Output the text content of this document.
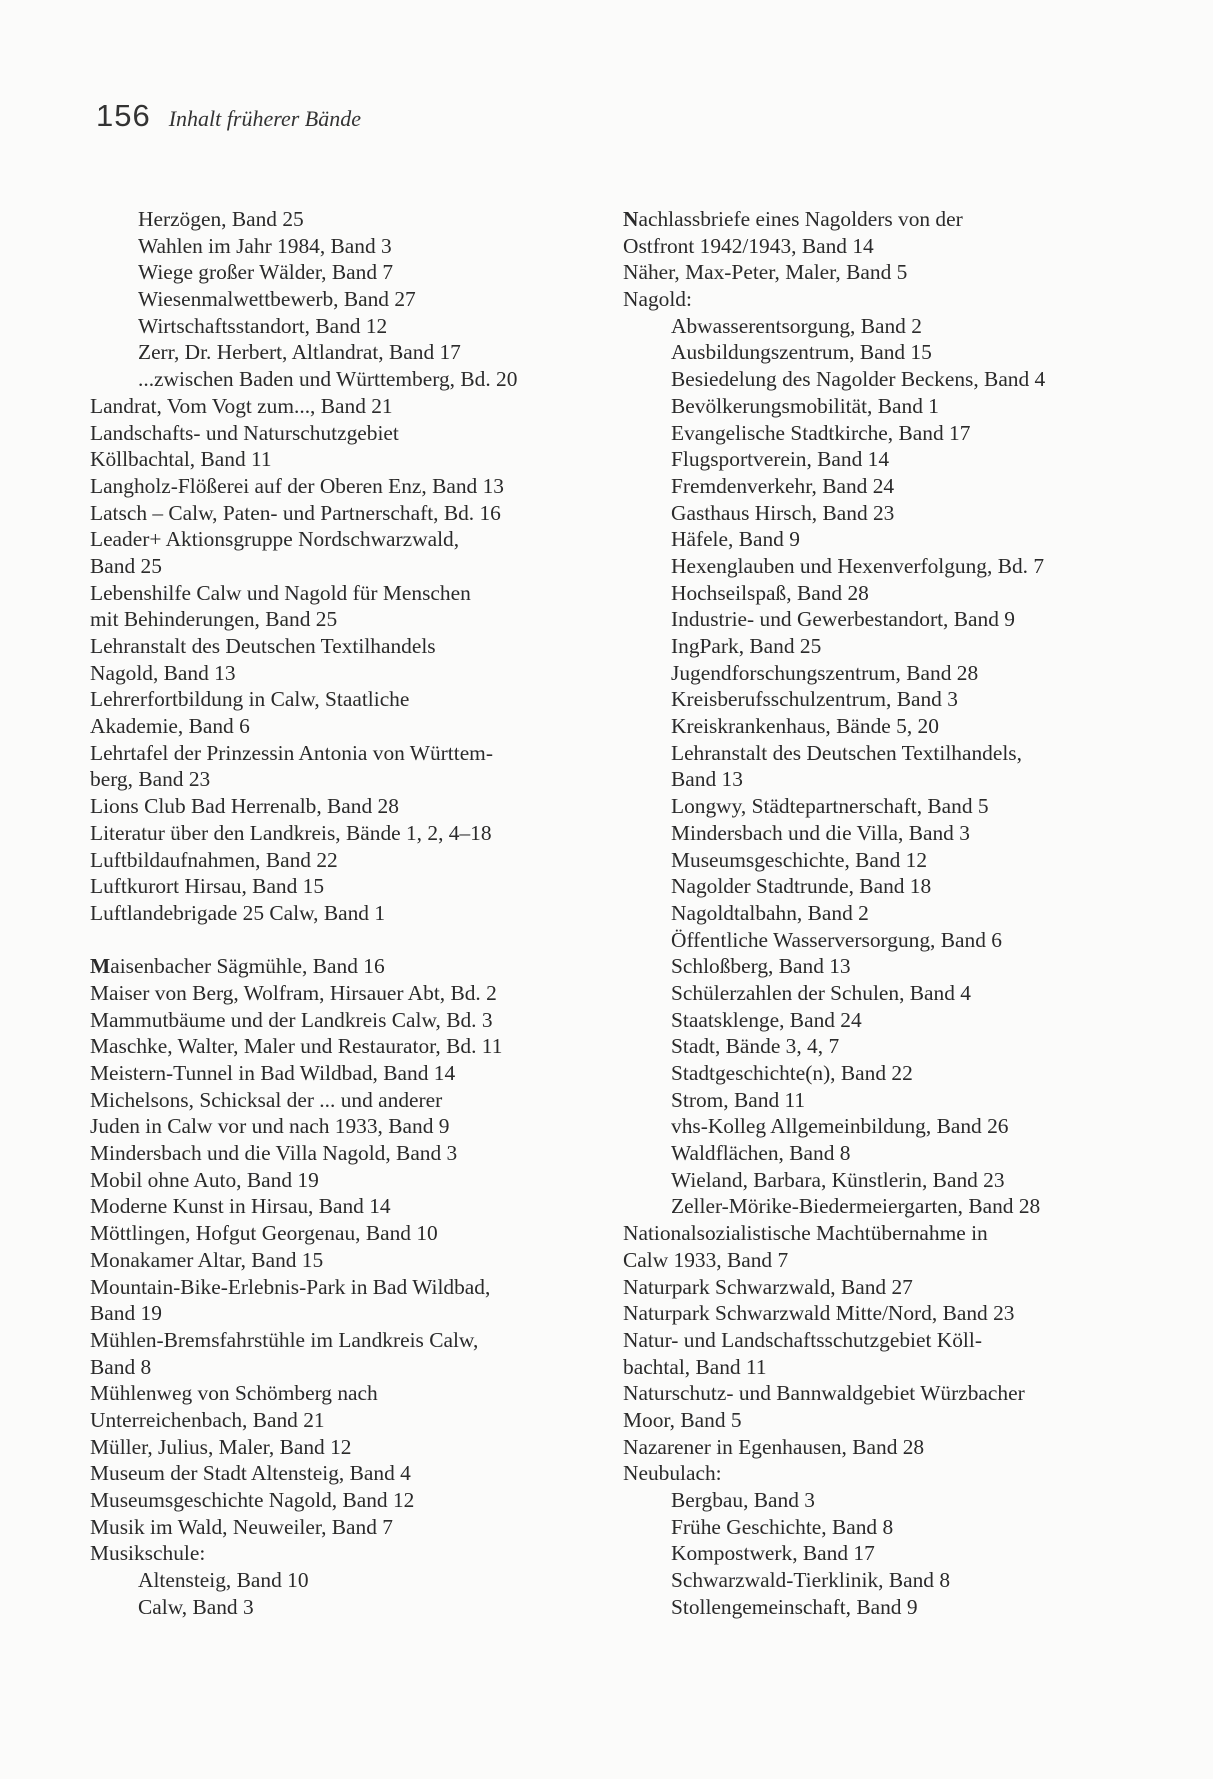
156 Inhalt früherer Bände
Herzögen, Band 25
Wahlen im Jahr 1984, Band 3
Wiege großer Wälder, Band 7
Wiesenmalwettbewerb, Band 27
Wirtschaftsstandort, Band 12
Zerr, Dr. Herbert, Altlandrat, Band 17
...zwischen Baden und Württemberg, Bd. 20
Landrat, Vom Vogt zum..., Band 21
Landschafts- und Naturschutzgebiet
Köllbachtal, Band 11
Langholz-Flößerei auf der Oberen Enz, Band 13
Latsch – Calw, Paten- und Partnerschaft, Bd. 16
Leader+ Aktionsgruppe Nordschwarzwald,
Band 25
Lebenshilfe Calw und Nagold für Menschen
mit Behinderungen, Band 25
Lehranstalt des Deutschen Textilhandels
Nagold, Band 13
Lehrerfortbildung in Calw, Staatliche
Akademie, Band 6
Lehrtafel der Prinzessin Antonia von Württem-
berg, Band 23
Lions Club Bad Herrenalb, Band 28
Literatur über den Landkreis, Bände 1, 2, 4–18
Luftbildaufnahmen, Band 22
Luftkurort Hirsau, Band 15
Luftlandebrigade 25 Calw, Band 1
Maisenbacher Sägmühle, Band 16
Maiser von Berg, Wolfram, Hirsauer Abt, Bd. 2
Mammutbäume und der Landkreis Calw, Bd. 3
Maschke, Walter, Maler und Restaurator, Bd. 11
Meistern-Tunnel in Bad Wildbad, Band 14
Michelsons, Schicksal der ... und anderer
Juden in Calw vor und nach 1933, Band 9
Mindersbach und die Villa Nagold, Band 3
Mobil ohne Auto, Band 19
Moderne Kunst in Hirsau, Band 14
Möttlingen, Hofgut Georgenau, Band 10
Monakamer Altar, Band 15
Mountain-Bike-Erlebnis-Park in Bad Wildbad,
Band 19
Mühlen-Bremsfahrstühle im Landkreis Calw,
Band 8
Mühlenweg von Schömberg nach
Unterreichenbach, Band 21
Müller, Julius, Maler, Band 12
Museum der Stadt Altensteig, Band 4
Museumsgeschichte Nagold, Band 12
Musik im Wald, Neuweiler, Band 7
Musikschule:
Altensteig, Band 10
Calw, Band 3
Nachlassbriefe eines Nagolders von der
Ostfront 1942/1943, Band 14
Näher, Max-Peter, Maler, Band 5
Nagold:
Abwasserentsorgung, Band 2
Ausbildungszentrum, Band 15
Besiedelung des Nagolder Beckens, Band 4
Bevölkerungsmobilität, Band 1
Evangelische Stadtkirche, Band 17
Flugsportverein, Band 14
Fremdenverkehr, Band 24
Gasthaus Hirsch, Band 23
Häfele, Band 9
Hexenglauben und Hexenverfolgung, Bd. 7
Hochseilspaß, Band 28
Industrie- und Gewerbestandort, Band 9
IngPark, Band 25
Jugendforschungszentrum, Band 28
Kreisberufsschulzentrum, Band 3
Kreiskrankenhaus, Bände 5, 20
Lehranstalt des Deutschen Textilhandels,
Band 13
Longwy, Städtepartnerschaft, Band 5
Mindersbach und die Villa, Band 3
Museumsgeschichte, Band 12
Nagolder Stadtrunde, Band 18
Nagoldtalbahn, Band 2
Öffentliche Wasserversorgung, Band 6
Schloßberg, Band 13
Schülerzahlen der Schulen, Band 4
Staatsklenge, Band 24
Stadt, Bände 3, 4, 7
Stadtgeschichte(n), Band 22
Strom, Band 11
vhs-Kolleg Allgemeinbildung, Band 26
Waldflächen, Band 8
Wieland, Barbara, Künstlerin, Band 23
Zeller-Mörike-Biedermeiergarten, Band 28
Nationalsozialistische Machtübernahme in
Calw 1933, Band 7
Naturpark Schwarzwald, Band 27
Naturpark Schwarzwald Mitte/Nord, Band 23
Natur- und Landschaftsschutzgebiet Köll-
bachtal, Band 11
Naturschutz- und Bannwaldgebiet Würzbacher
Moor, Band 5
Nazarener in Egenhausen, Band 28
Neubulach:
Bergbau, Band 3
Frühe Geschichte, Band 8
Kompostwerk, Band 17
Schwarzwald-Tierklinik, Band 8
Stollengemeinschaft, Band 9
